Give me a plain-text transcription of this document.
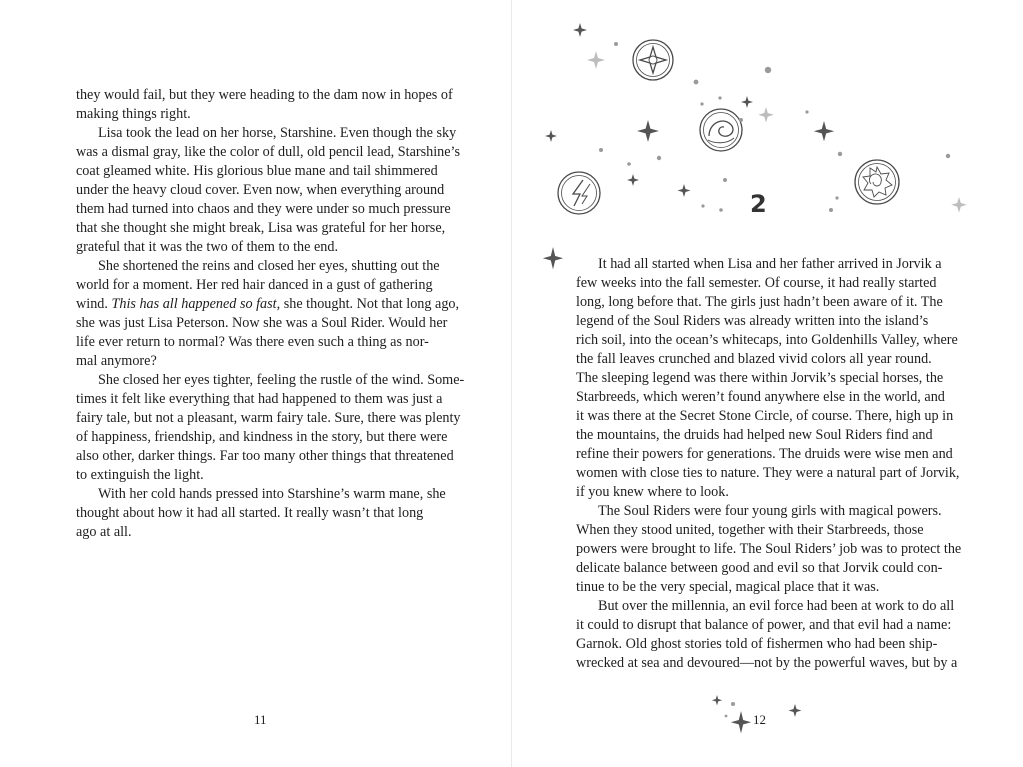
they would fail, but they were heading to the dam now in hopes of
making things right.
Lisa took the lead on her horse, Starshine. Even though the sky
was a dismal gray, like the color of dull, old pencil lead, Starshine’s
coat gleamed white. His glorious blue mane and tail shimmered
under the heavy cloud cover. Even now, when everything around
them had turned into chaos and they were under so much pressure
that she thought she might break, Lisa was grateful for her horse,
grateful that it was the two of them to the end.
She shortened the reins and closed her eyes, shutting out the
world for a moment. Her red hair danced in a gust of gathering
wind. This has all happened so fast, she thought. Not that long ago,
she was just Lisa Peterson. Now she was a Soul Rider. Would her
life ever return to normal? Was there even such a thing as nor-
mal anymore?
She closed her eyes tighter, feeling the rustle of the wind. Some-
times it felt like everything that had happened to them was just a
fairy tale, but not a pleasant, warm fairy tale. Sure, there was plenty
of happiness, friendship, and kindness in the story, but there were
also other, darker things. Far too many other things that threatened
to extinguish the light.
With her cold hands pressed into Starshine’s warm mane, she
thought about how it had all started. It really wasn’t that long
ago at all.
11
2
It had all started when Lisa and her father arrived in Jorvik a
few weeks into the fall semester. Of course, it had really started
long, long before that. The girls just hadn’t been aware of it. The
legend of the Soul Riders was already written into the island’s
rich soil, into the ocean’s whitecaps, into Goldenhills Valley, where
the fall leaves crunched and blazed vivid colors all year round.
The sleeping legend was there within Jorvik’s special horses, the
Starbreeds, which weren’t found anywhere else in the world, and
it was there at the Secret Stone Circle, of course. There, high up in
the mountains, the druids had helped new Soul Riders find and
refine their powers for generations. The druids were wise men and
women with close ties to nature. They were a natural part of Jorvik,
if you knew where to look.
The Soul Riders were four young girls with magical powers.
When they stood united, together with their Starbreeds, those
powers were brought to life. The Soul Riders’ job was to protect the
delicate balance between good and evil so that Jorvik could con-
tinue to be the very special, magical place that it was.
But over the millennia, an evil force had been at work to do all
it could to disrupt that balance of power, and that evil had a name:
Garnok. Old ghost stories told of fishermen who had been ship-
wrecked at sea and devoured—not by the powerful waves, but by a
12
